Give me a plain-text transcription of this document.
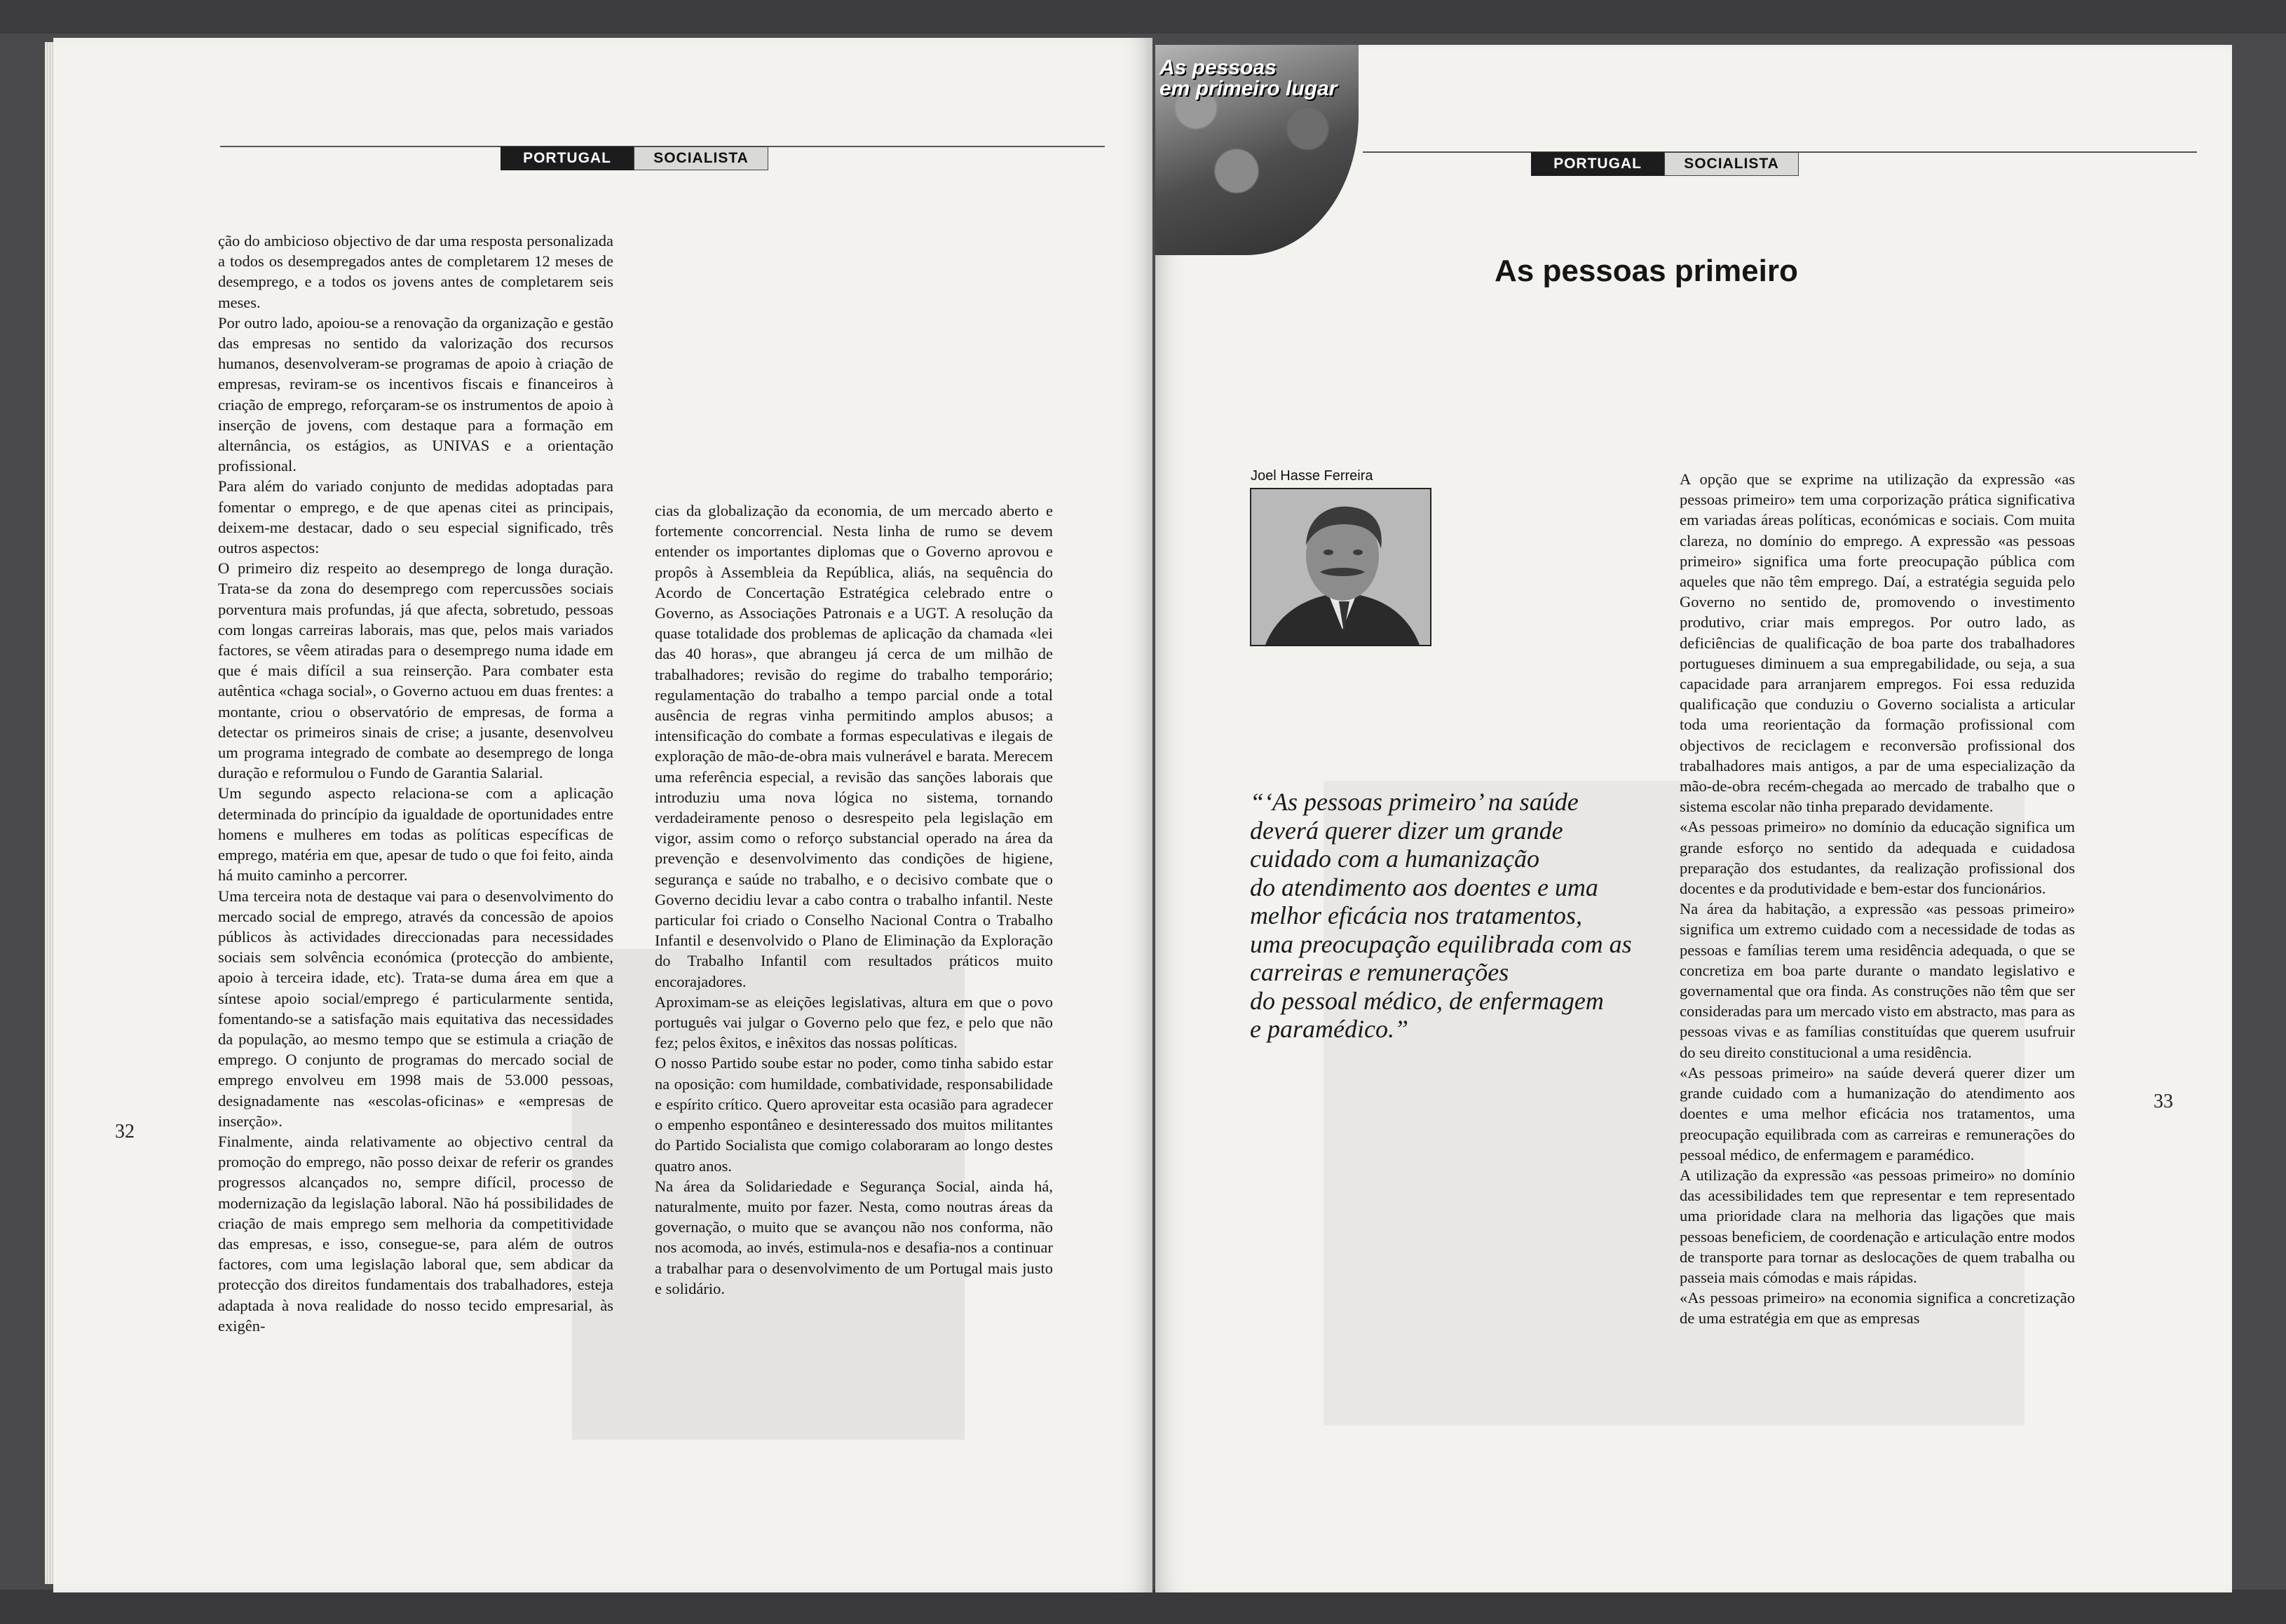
PORTUGAL	SOCIALISTA

ção do ambicioso objectivo de dar uma resposta personalizada a todos os desempregados antes de completarem 12 meses de desemprego, e a todos os jovens antes de completarem seis meses.

Por outro lado, apoiou-se a renovação da organização e gestão das empresas no sentido da valorização dos recursos humanos, desenvolveram-se programas de apoio à criação de empresas, reviram-se os incentivos fiscais e financeiros à criação de emprego, reforçaram-se os instrumentos de apoio à inserção de jovens, com destaque para a formação em alternância, os estágios, as UNIVAS e a orientação profissional.

Para além do variado conjunto de medidas adoptadas para fomentar o emprego, e de que apenas citei as principais, deixem-me destacar, dado o seu especial significado, três outros aspectos:

O primeiro diz respeito ao desemprego de longa duração. Trata-se da zona do desemprego com repercussões sociais porventura mais profundas, já que afecta, sobretudo, pessoas com longas carreiras laborais, mas que, pelos mais variados factores, se vêem atiradas para o desemprego numa idade em que é mais difícil a sua reinserção. Para combater esta autêntica «chaga social», o Governo actuou em duas frentes: a montante, criou o observatório de empresas, de forma a detectar os primeiros sinais de crise; a jusante, desenvolveu um programa integrado de combate ao desemprego de longa duração e reformulou o Fundo de Garantia Salarial.

Um segundo aspecto relaciona-se com a aplicação determinada do princípio da igualdade de oportunidades entre homens e mulheres em todas as políticas específicas de emprego, matéria em que, apesar de tudo o que foi feito, ainda há muito caminho a percorrer.

Uma terceira nota de destaque vai para o desenvolvimento do mercado social de emprego, através da concessão de apoios públicos às actividades direccionadas para necessidades sociais sem solvência económica (protecção do ambiente, apoio à terceira idade, etc). Trata-se duma área em que a síntese apoio social/emprego é particularmente sentida, fomentando-se a satisfação mais equitativa das necessidades da população, ao mesmo tempo que se estimula a criação de emprego. O conjunto de programas do mercado social de emprego envolveu em 1998 mais de 53.000 pessoas, designadamente nas «escolas-oficinas» e «empresas de inserção».

Finalmente, ainda relativamente ao objectivo central da promoção do emprego, não posso deixar de referir os grandes progressos alcançados no, sempre difícil, processo de modernização da legislação laboral. Não há possibilidades de criação de mais emprego sem melhoria da competitividade das empresas, e isso, consegue-se, para além de outros factores, com uma legislação laboral que, sem abdicar da protecção dos direitos fundamentais dos trabalhadores, esteja adaptada à nova realidade do nosso tecido empresarial, às exigên-

cias da globalização da economia, de um mercado aberto e fortemente concorrencial. Nesta linha de rumo se devem entender os importantes diplomas que o Governo aprovou e propôs à Assembleia da República, aliás, na sequência do Acordo de Concertação Estratégica celebrado entre o Governo, as Associações Patronais e a UGT. A resolução da quase totalidade dos problemas de aplicação da chamada «lei das 40 horas», que abrangeu já cerca de um milhão de trabalhadores; revisão do regime do trabalho temporário; regulamentação do trabalho a tempo parcial onde a total ausência de regras vinha permitindo amplos abusos; a intensificação do combate a formas especulativas e ilegais de exploração de mão-de-obra mais vulnerável e barata. Merecem uma referência especial, a revisão das sanções laborais que introduziu uma nova lógica no sistema, tornando verdadeiramente penoso o desrespeito pela legislação em vigor, assim como o reforço substancial operado na área da prevenção e desenvolvimento das condições de higiene, segurança e saúde no trabalho, e o decisivo combate que o Governo decidiu levar a cabo contra o trabalho infantil. Neste particular foi criado o Conselho Nacional Contra o Trabalho Infantil e desenvolvido o Plano de Eliminação da Exploração do Trabalho Infantil com resultados práticos muito encorajadores.

Aproximam-se as eleições legislativas, altura em que o povo português vai julgar o Governo pelo que fez, e pelo que não fez; pelos êxitos, e inêxitos das nossas políticas.

O nosso Partido soube estar no poder, como tinha sabido estar na oposição: com humildade, combatividade, responsabilidade e espírito crítico. Quero aproveitar esta ocasião para agradecer o empenho espontâneo e desinteressado dos muitos militantes do Partido Socialista que comigo colaboraram ao longo destes quatro anos.

Na área da Solidariedade e Segurança Social, ainda há, naturalmente, muito por fazer. Nesta, como noutras áreas da governação, o muito que se avançou não nos conforma, não nos acomoda, ao invés, estimula-nos e desafia-nos a continuar a trabalhar para o desenvolvimento de um Portugal mais justo e solidário.

32
As pessoas
em primeiro lugar
PORTUGAL	SOCIALISTA
As pessoas primeiro
Joel Hasse Ferreira
“‘As pessoas primeiro’ na saúde
deverá querer dizer um grande
cuidado com a humanização
do atendimento aos doentes e uma
melhor eficácia nos tratamentos,
uma preocupação equilibrada com as
carreiras e remunerações
do pessoal médico, de enfermagem
e paramédico.”

A opção que se exprime na utilização da expressão «as pessoas primeiro» tem uma corporização prática significativa em variadas áreas políticas, económicas e sociais. Com muita clareza, no domínio do emprego. A expressão «as pessoas primeiro» significa uma forte preocupação pública com aqueles que não têm emprego. Daí, a estratégia seguida pelo Governo no sentido de, promovendo o investimento produtivo, criar mais empregos. Por outro lado, as deficiências de qualificação de boa parte dos trabalhadores portugueses diminuem a sua empregabilidade, ou seja, a sua capacidade para arranjarem empregos. Foi essa reduzida qualificação que conduziu o Governo socialista a articular toda uma reorientação da formação profissional com objectivos de reciclagem e reconversão profissional dos trabalhadores mais antigos, a par de uma especialização da mão-de-obra recém-chegada ao mercado de trabalho que o sistema escolar não tinha preparado devidamente.

«As pessoas primeiro» no domínio da educação significa um grande esforço no sentido da adequada e cuidadosa preparação dos estudantes, da realização profissional dos docentes e da produtividade e bem-estar dos funcionários.

Na área da habitação, a expressão «as pessoas primeiro» significa um extremo cuidado com a necessidade de todas as pessoas e famílias terem uma residência adequada, o que se concretiza em boa parte durante o mandato legislativo e governamental que ora finda. As construções não têm que ser consideradas para um mercado visto em abstracto, mas para as pessoas vivas e as famílias constituídas que querem usufruir do seu direito constitucional a uma residência.

«As pessoas primeiro» na saúde deverá querer dizer um grande cuidado com a humanização do atendimento aos doentes e uma melhor eficácia nos tratamentos, uma preocupação equilibrada com as carreiras e remunerações do pessoal médico, de enfermagem e paramédico.

A utilização da expressão «as pessoas primeiro» no domínio das acessibilidades tem que representar e tem representado uma prioridade clara na melhoria das ligações que mais pessoas beneficiem, de coordenação e articulação entre modos de transporte para tornar as deslocações de quem trabalha ou passeia mais cómodas e mais rápidas.

«As pessoas primeiro» na economia significa a concretização de uma estratégia em que as empresas

33
